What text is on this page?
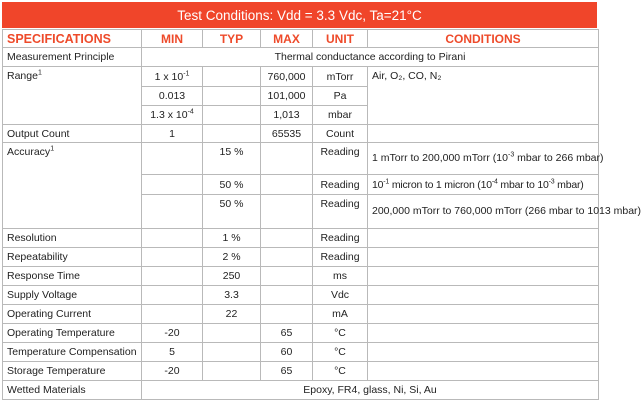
Test Conditions: Vdd = 3.3 Vdc, Ta=21°C
SPECIFICATIONS	MIN	TYP	MAX	UNIT	CONDITIONS
Measurement Principle	Thermal conductance according to Pirani				
Range$^1$	1 x $10^{-1}$		760,000	mTorr	Air, O₂, CO, N₂
	0.013		101,000	Pa	
	1.3 x $10^{-4}$		1,013	mbar	
Output Count	1		65535	Count	
Accuracy$^1$		15 %		Reading	1 mTorr to 200,000 mTorr ($10^{-3}$ mbar to 266 mbar)
		50 %		Reading	$10^{-1}$ micron to 1 micron ($10^{-4}$ mbar to $10^{-3}$ mbar)
		50 %		Reading	200,000 mTorr to 760,000 mTorr (266 mbar to 1013 mbar)
Resolution		1 %		Reading	
Repeatability		2 %		Reading	
Response Time		250		ms	
Supply Voltage		3.3		Vdc	
Operating Current		22		mA	
Operating Temperature	-20		65	°C	
Temperature Compensation	5		60	°C	
Storage Temperature	-20		65	°C	
Wetted Materials	Epoxy, FR4, glass, Ni, Si, Au				
